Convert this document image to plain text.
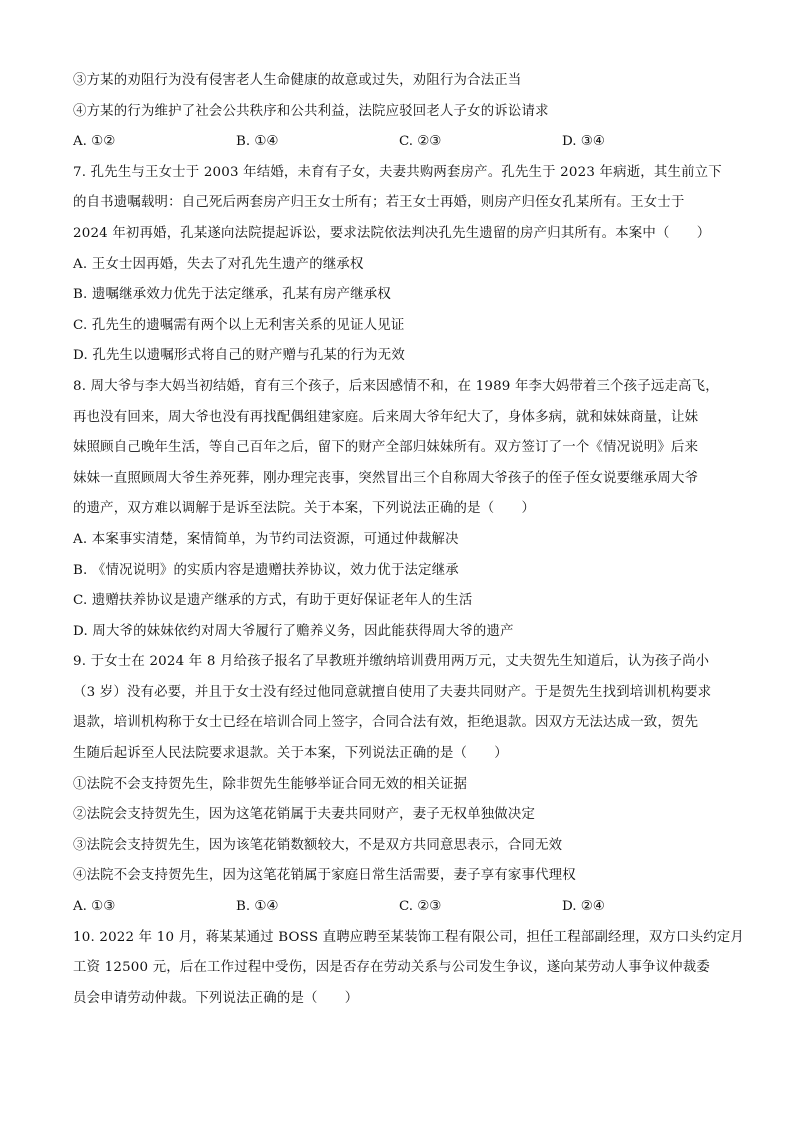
③方某的劝阻行为没有侵害老人生命健康的故意或过失，劝阻行为合法正当
④方某的行为维护了社会公共秩序和公共利益，法院应驳回老人子女的诉讼请求
A. ①②	B. ①④	C. ②③	D. ③④
7. 孔先生与王女士于 2003 年结婚，未育有子女，夫妻共购两套房产。孔先生于 2023 年病逝，其生前立下
的自书遗嘱载明：自己死后两套房产归王女士所有；若王女士再婚，则房产归侄女孔某所有。王女士于
2024 年初再婚，孔某遂向法院提起诉讼，要求法院依法判决孔先生遗留的房产归其所有。本案中（　　）
A. 王女士因再婚，失去了对孔先生遗产的继承权
B. 遗嘱继承效力优先于法定继承，孔某有房产继承权
C. 孔先生的遗嘱需有两个以上无利害关系的见证人见证
D. 孔先生以遗嘱形式将自己的财产赠与孔某的行为无效
8. 周大爷与李大妈当初结婚，育有三个孩子，后来因感情不和，在 1989 年李大妈带着三个孩子远走高飞，
再也没有回来，周大爷也没有再找配偶组建家庭。后来周大爷年纪大了，身体多病，就和妹妹商量，让妹
妹照顾自己晚年生活，等自己百年之后，留下的财产全部归妹妹所有。双方签订了一个《情况说明》后来
妹妹一直照顾周大爷生养死葬，刚办理完丧事，突然冒出三个自称周大爷孩子的侄子侄女说要继承周大爷
的遗产，双方难以调解于是诉至法院。关于本案，下列说法正确的是（　　）
A. 本案事实清楚，案情简单，为节约司法资源，可通过仲裁解决
B. 《情况说明》的实质内容是遗赠扶养协议，效力优于法定继承
C. 遗赠扶养协议是遗产继承的方式，有助于更好保证老年人的生活
D. 周大爷的妹妹依约对周大爷履行了赡养义务，因此能获得周大爷的遗产
9. 于女士在 2024 年 8 月给孩子报名了早教班并缴纳培训费用两万元，丈夫贺先生知道后，认为孩子尚小
（3 岁）没有必要，并且于女士没有经过他同意就擅自使用了夫妻共同财产。于是贺先生找到培训机构要求
退款，培训机构称于女士已经在培训合同上签字，合同合法有效，拒绝退款。因双方无法达成一致，贺先
生随后起诉至人民法院要求退款。关于本案，下列说法正确的是（　　）
①法院不会支持贺先生，除非贺先生能够举证合同无效的相关证据
②法院会支持贺先生，因为这笔花销属于夫妻共同财产，妻子无权单独做决定
③法院会支持贺先生，因为该笔花销数额较大，不是双方共同意思表示，合同无效
④法院不会支持贺先生，因为这笔花销属于家庭日常生活需要，妻子享有家事代理权
A. ①③	B. ①④	C. ②③	D. ②④
10. 2022 年 10 月，蒋某某通过 BOSS 直聘应聘至某装饰工程有限公司，担任工程部副经理，双方口头约定月
工资 12500 元，后在工作过程中受伤，因是否存在劳动关系与公司发生争议，遂向某劳动人事争议仲裁委
员会申请劳动仲裁。下列说法正确的是（　　）
